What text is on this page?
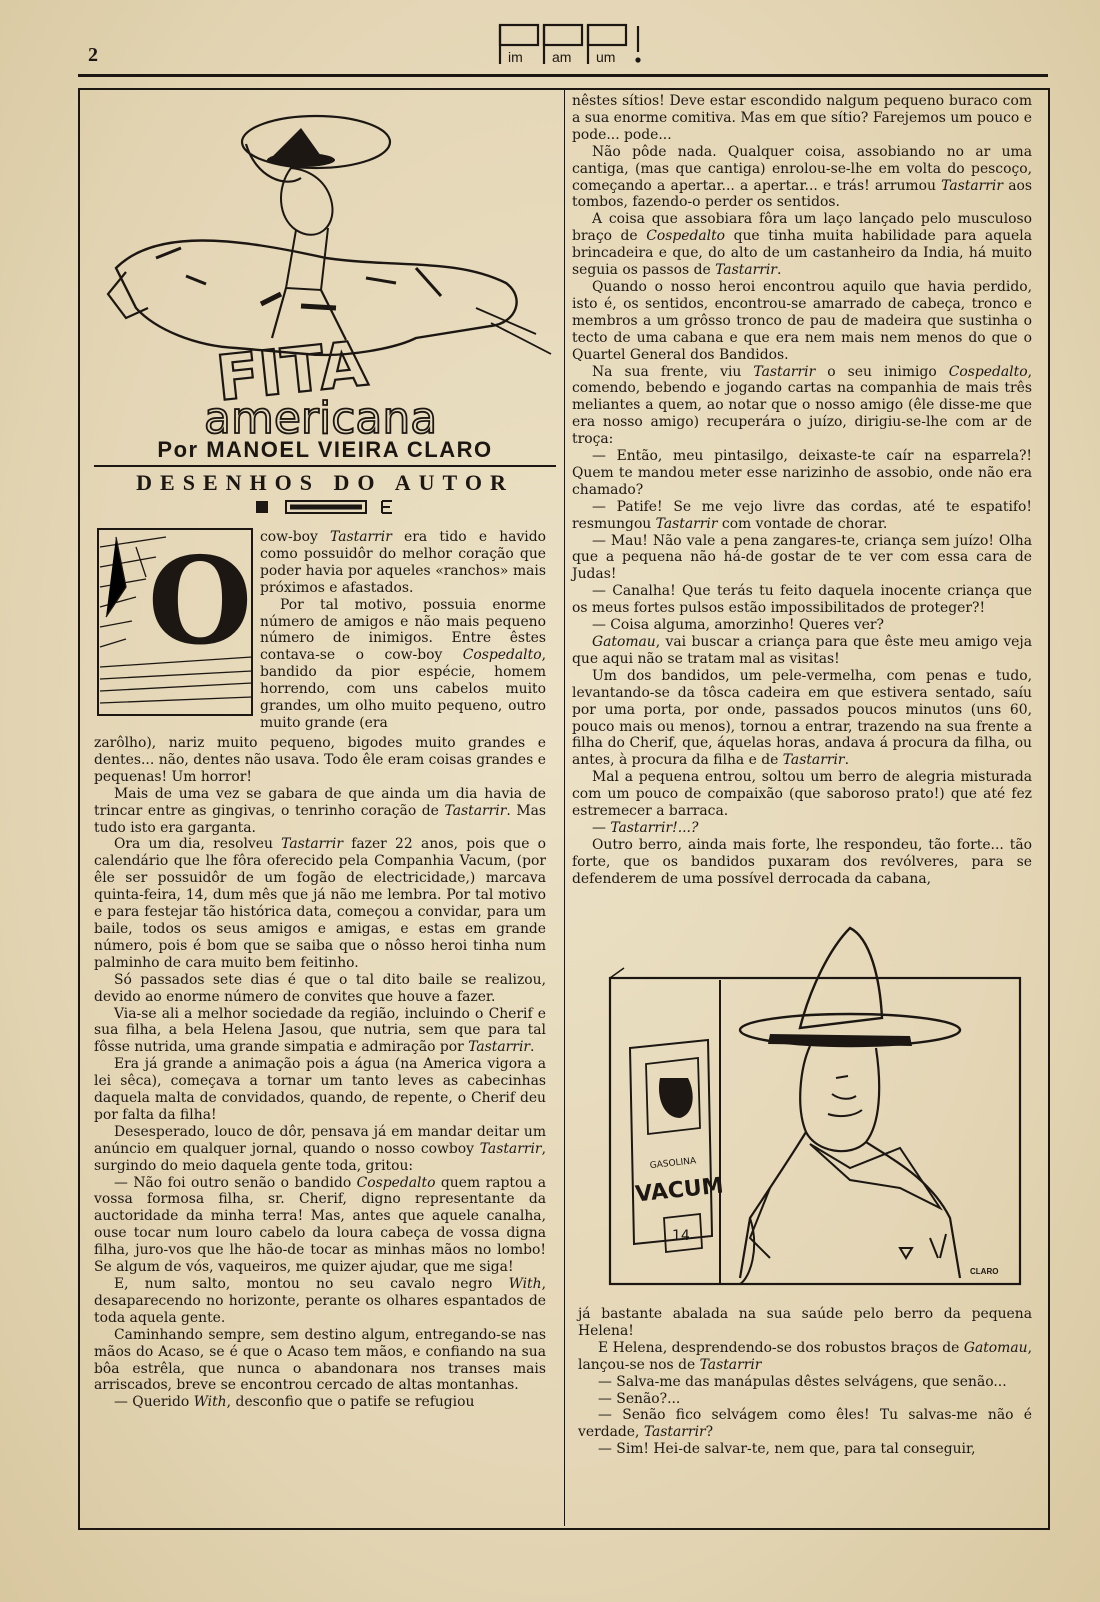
2	im am um
FITA
americana
Por MANOEL VIEIRA CLARO
DESENHOS DO AUTOR
O cow-boy Tastarrir era tido e havido como possuidôr do melhor coração que poder havia por aqueles «ranchos» mais próximos e afastados.

Por tal motivo, possuia enorme número de amigos e não mais pequeno número de inimigos. Entre êstes contava-se o cow-boy Cospedalto, bandido da pior espécie, homem horrendo, com uns cabelos muito grandes, um olho muito pequeno, outro muito grande (era

zarôlho), nariz muito pequeno, bigodes muito grandes e dentes... não, dentes não usava. Todo êle eram coisas grandes e pequenas! Um horror!

Mais de uma vez se gabara de que ainda um dia havia de trincar entre as gingivas, o tenrinho coração de Tastarrir. Mas tudo isto era garganta.

Ora um dia, resolveu Tastarrir fazer 22 anos, pois que o calendário que lhe fôra oferecido pela Companhia Vacum, (por êle ser possuidôr de um fogão de electricidade,) marcava quinta-feira, 14, dum mês que já não me lembra. Por tal motivo e para festejar tão histórica data, começou a convidar, para um baile, todos os seus amigos e amigas, e estas em grande número, pois é bom que se saiba que o nôsso heroi tinha num palminho de cara muito bem feitinho.

Só passados sete dias é que o tal dito baile se realizou, devido ao enorme número de convites que houve a fazer.

Via-se ali a melhor sociedade da região, incluindo o Cherif e sua filha, a bela Helena Jasou, que nutria, sem que para tal fôsse nutrida, uma grande simpatia e admiração por Tastarrir.

Era já grande a animação pois a água (na America vigora a lei sêca), começava a tornar um tanto leves as cabecinhas daquela malta de convidados, quando, de repente, o Cherif deu por falta da filha!

Desesperado, louco de dôr, pensava já em mandar deitar um anúncio em qualquer jornal, quando o nosso cowboy Tastarrir, surgindo do meio daquela gente toda, gritou:

— Não foi outro senão o bandido Cospedalto quem raptou a vossa formosa filha, sr. Cherif, digno representante da auctoridade da minha terra! Mas, antes que aquele canalha, ouse tocar num louro cabelo da loura cabeça de vossa digna filha, juro-vos que lhe hão-de tocar as minhas mãos no lombo! Se algum de vós, vaqueiros, me quizer ajudar, que me siga!

E, num salto, montou no seu cavalo negro With, desaparecendo no horizonte, perante os olhares espantados de toda aquela gente.

Caminhando sempre, sem destino algum, entregando-se nas mãos do Acaso, se é que o Acaso tem mãos, e confiando na sua bôa estrêla, que nunca o abandonara nos transes mais arriscados, breve se encontrou cercado de altas montanhas.

— Querido With, desconfio que o patife se refugiou

nêstes sítios! Deve estar escondido nalgum pequeno buraco com a sua enorme comitiva. Mas em que sítio? Farejemos um pouco e pode... pode...

Não pôde nada. Qualquer coisa, assobiando no ar uma cantiga, (mas que cantiga) enrolou-se-lhe em volta do pescoço, começando a apertar... a apertar... e trás! arrumou Tastarrir aos tombos, fazendo-o perder os sentidos.

A coisa que assobiara fôra um laço lançado pelo musculoso braço de Cospedalto que tinha muita habilidade para aquela brincadeira e que, do alto de um castanheiro da India, há muito seguia os passos de Tastarrir.

Quando o nosso heroi encontrou aquilo que havia perdido, isto é, os sentidos, encontrou-se amarrado de cabeça, tronco e membros a um grôsso tronco de pau de madeira que sustinha o tecto de uma cabana e que era nem mais nem menos do que o Quartel General dos Bandidos.

Na sua frente, viu Tastarrir o seu inimigo Cospedalto, comendo, bebendo e jogando cartas na companhia de mais três meliantes a quem, ao notar que o nosso amigo (êle disse-me que era nosso amigo) recuperára o juízo, dirigiu-se-lhe com ar de troça:

— Então, meu pintasilgo, deixaste-te caír na esparrela?! Quem te mandou meter esse narizinho de assobio, onde não era chamado?

— Patife! Se me vejo livre das cordas, até te espatifo! resmungou Tastarrir com vontade de chorar.

— Mau! Não vale a pena zangares-te, criança sem juízo! Olha que a pequena não há-de gostar de te ver com essa cara de Judas!

— Canalha! Que terás tu feito daquela inocente criança que os meus fortes pulsos estão impossibilitados de proteger?!

— Coisa alguma, amorzinho! Queres ver?

Gatomau, vai buscar a criança para que êste meu amigo veja que aqui não se tratam mal as visitas!

Um dos bandidos, um pele-vermelha, com penas e tudo, levantando-se da tôsca cadeira em que estivera sentado, saíu por uma porta, por onde, passados poucos minutos (uns 60, pouco mais ou menos), tornou a entrar, trazendo na sua frente a filha do Cherif, que, áquelas horas, andava á procura da filha, ou antes, à procura da filha e de Tastarrir.

Mal a pequena entrou, soltou um berro de alegria misturada com um pouco de compaixão (que saboroso prato!) que até fez estremecer a barraca.

— Tastarrir!...?

Outro berro, ainda mais forte, lhe respondeu, tão forte... tão forte, que os bandidos puxaram dos revólveres, para se defenderem de uma possível derrocada da cabana,

já bastante abalada na sua saúde pelo berro da pequena Helena!

E Helena, desprendendo-se dos robustos braços de Gatomau, lançou-se nos de Tastarrir

— Salva-me das manápulas dêstes selvágens, que senão...

— Senão?...

— Senão fico selvágem como êles! Tu salvas-me não é verdade, Tastarrir?

— Sim! Hei-de salvar-te, nem que, para tal conseguir,

GASOLINA
VACUM
14
CLARO
